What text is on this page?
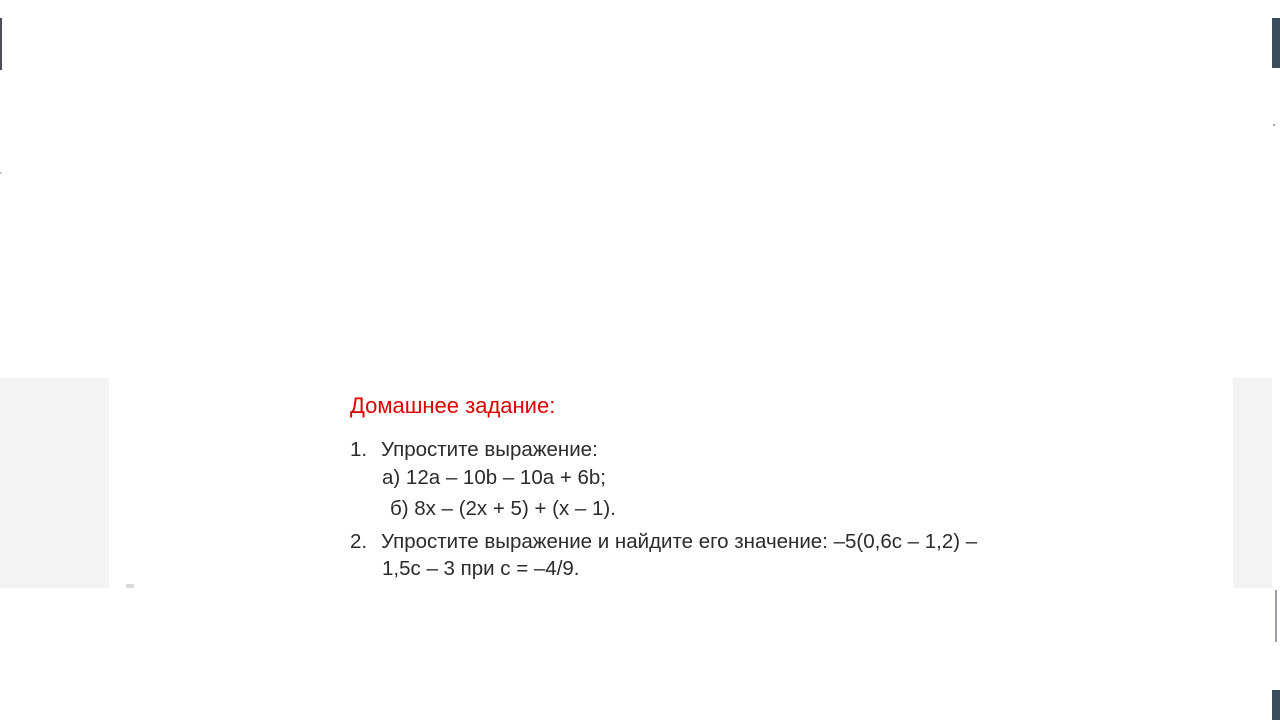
Домашнее задание:
1. Упростите выражение:
а) 12a – 10b – 10a + 6b;
б) 8x – (2x + 5) + (x – 1).
2. Упростите выражение и найдите его значение: –5(0,6c – 1,2) –
1,5c – 3 при c = –4/9.
